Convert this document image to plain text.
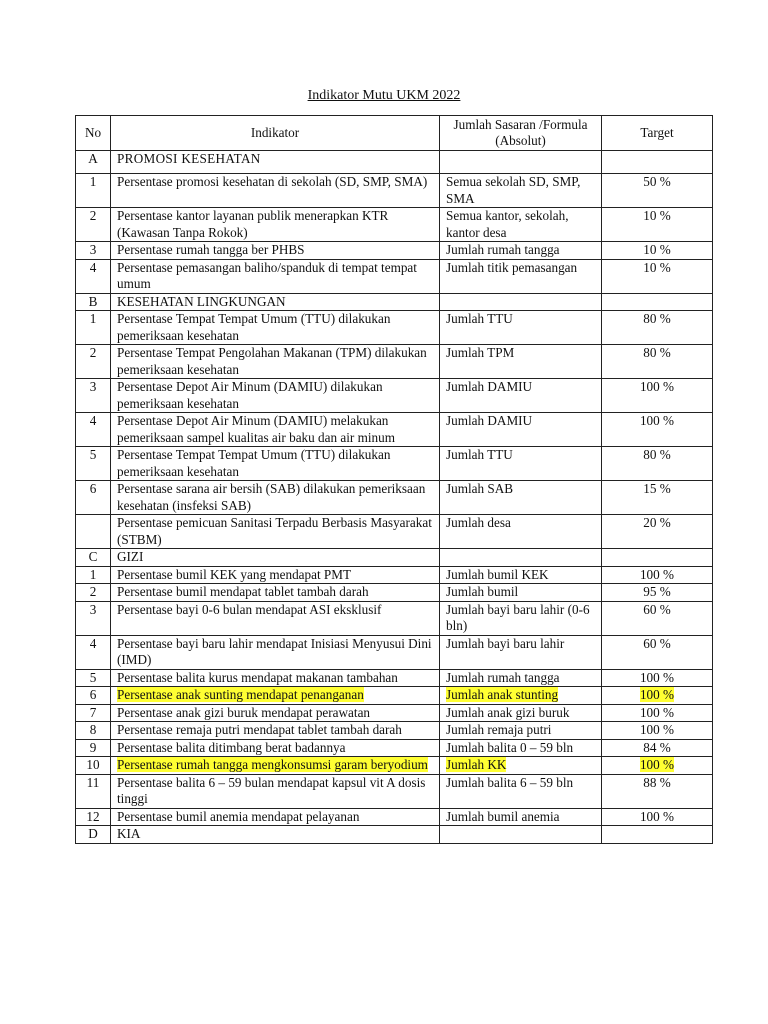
Indikator Mutu UKM 2022
No	Indikator	Jumlah Sasaran /Formula (Absolut)	Target
A	PROMOSI KESEHATAN		
1	Persentase promosi kesehatan di sekolah (SD, SMP, SMA)	Semua sekolah SD, SMP, SMA	50 %
2	Persentase kantor layanan publik menerapkan KTR (Kawasan Tanpa Rokok)	Semua kantor, sekolah, kantor desa	10 %
3	Persentase rumah tangga ber PHBS	Jumlah rumah tangga	10 %
4	Persentase pemasangan baliho/spanduk di tempat tempat umum	Jumlah titik pemasangan	10 %
B	KESEHATAN LINGKUNGAN		
1	Persentase Tempat Tempat Umum (TTU) dilakukan pemeriksaan kesehatan	Jumlah TTU	80 %
2	Persentase Tempat Pengolahan Makanan (TPM) dilakukan pemeriksaan kesehatan	Jumlah TPM	80 %
3	Persentase Depot Air Minum (DAMIU) dilakukan pemeriksaan kesehatan	Jumlah DAMIU	100 %
4	Persentase Depot Air Minum (DAMIU) melakukan pemeriksaan sampel kualitas air baku dan air minum	Jumlah DAMIU	100 %
5	Persentase Tempat Tempat Umum (TTU) dilakukan pemeriksaan kesehatan	Jumlah TTU	80 %
6	Persentase sarana air bersih (SAB) dilakukan pemeriksaan kesehatan (insfeksi SAB)	Jumlah SAB	15 %
	Persentase pemicuan Sanitasi Terpadu Berbasis Masyarakat (STBM)	Jumlah desa	20 %
C	GIZI		
1	Persentase bumil KEK yang mendapat PMT	Jumlah bumil KEK	100 %
2	Persentase bumil mendapat tablet tambah darah	Jumlah bumil	95 %
3	Persentase bayi 0-6 bulan mendapat ASI eksklusif	Jumlah bayi baru lahir (0-6 bln)	60 %
4	Persentase bayi baru lahir mendapat Inisiasi Menyusui Dini (IMD)	Jumlah bayi baru lahir	60 %
5	Persentase balita kurus mendapat makanan tambahan	Jumlah rumah tangga	100 %
6	Persentase anak sunting mendapat penanganan	Jumlah anak stunting	100 %
7	Persentase anak gizi buruk mendapat perawatan	Jumlah anak gizi buruk	100 %
8	Persentase remaja putri mendapat tablet tambah darah	Jumlah remaja putri	100 %
9	Persentase balita ditimbang berat badannya	Jumlah balita 0 – 59 bln	84 %
10	Persentase rumah tangga mengkonsumsi garam beryodium	Jumlah KK	100 %
11	Persentase balita 6 – 59 bulan mendapat kapsul vit A dosis tinggi	Jumlah balita 6 – 59 bln	88 %
12	Persentase bumil anemia mendapat pelayanan	Jumlah bumil anemia	100 %
D	KIA		
